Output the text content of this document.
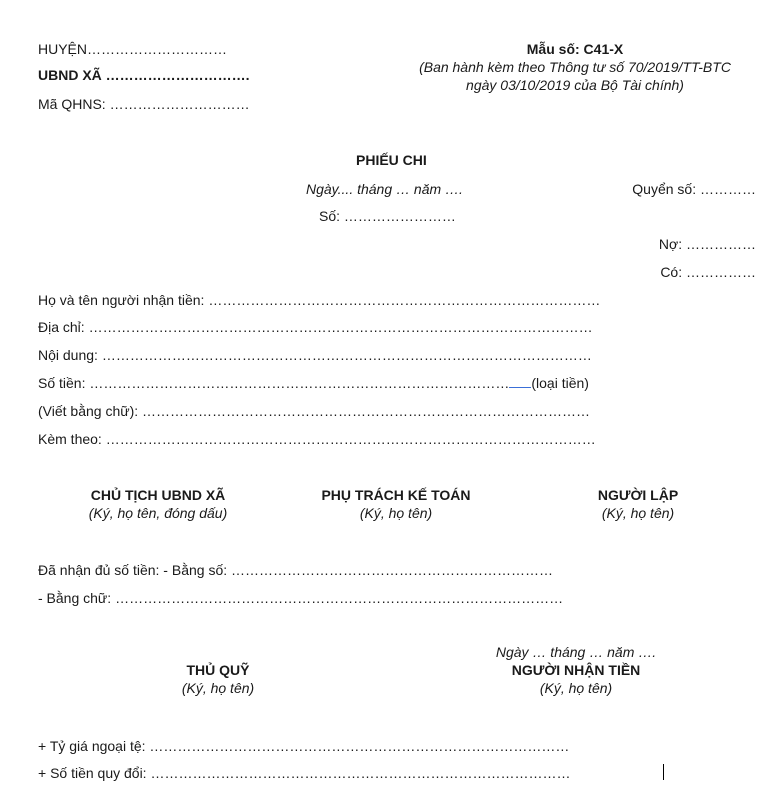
HUYỆN…………………………
UBND XÃ ………………………….
Mã QHNS: …………………………
Mẫu số: C41-X
(Ban hành kèm theo Thông tư số 70/2019/TT-BTC
ngày 03/10/2019 của Bộ Tài chính)
PHIẾU CHI
Ngày.... tháng … năm ….	Quyển số: …………
Số: ……………………
Nợ: ……………
Có: ……………
Họ và tên người nhận tiền: …………………………………………………………………………
Địa chỉ: ………………………………………………………………………………………………
Nội dung: ……………………………………………………………………………………………
Số tiền: ……………………………………………………………………………… (loại tiền)
(Viết bằng chữ): ……………………………………………………………………………………
Kèm theo: ……………………………………………………………………………………………
CHỦ TỊCH UBND XÃ
(Ký, họ tên, đóng dấu)
PHỤ TRÁCH KẾ TOÁN
(Ký, họ tên)
NGƯỜI LẬP
(Ký, họ tên)
Đã nhận đủ số tiền: - Bằng số: ……………………………………………………………
- Bằng chữ: ……………………………………………………………………………………
Ngày … tháng … năm ….
THỦ QUỸ
(Ký, họ tên)
NGƯỜI NHẬN TIỀN
(Ký, họ tên)
+ Tỷ giá ngoại tệ: ………………………………………………………………………………
+ Số tiền quy đổi: ………………………………………………………………………………
